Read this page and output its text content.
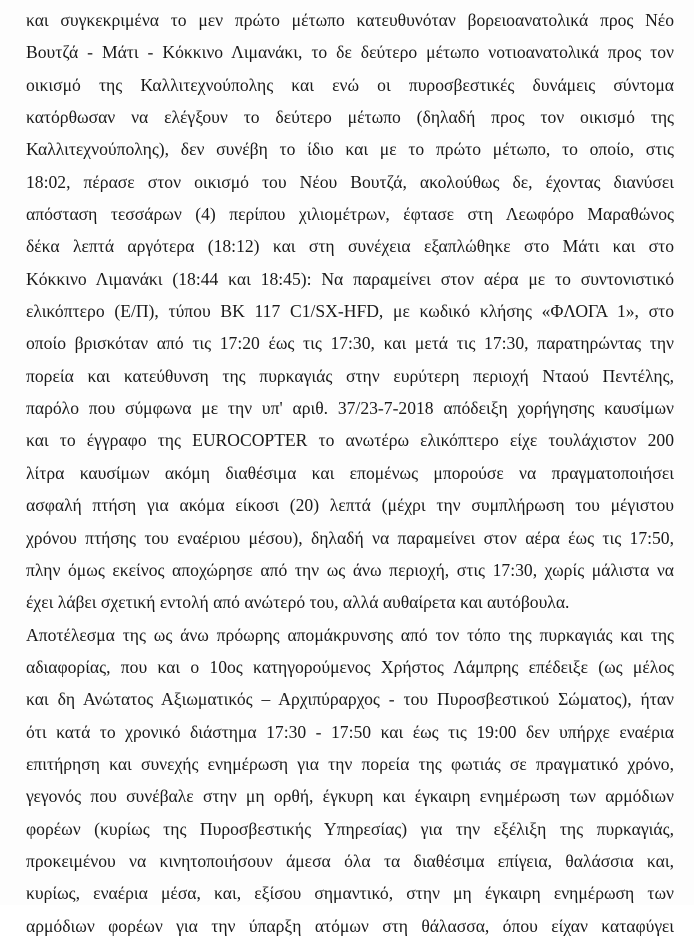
και συγκεκριμένα το μεν πρώτο μέτωπο κατευθυνόταν βορειοανατολικά προς Νέο
Βουτζά - Μάτι - Κόκκινο Λιμανάκι, το δε δεύτερο μέτωπο νοτιοανατολικά προς τον
οικισμό της Καλλιτεχνούπολης και ενώ οι πυροσβεστικές δυνάμεις σύντομα
κατόρθωσαν να ελέγξουν το δεύτερο μέτωπο (δηλαδή προς τον οικισμό της
Καλλιτεχνούπολης), δεν συνέβη το ίδιο και με το πρώτο μέτωπο, το οποίο, στις
18:02, πέρασε στον οικισμό του Νέου Βουτζά, ακολούθως δε, έχοντας διανύσει
απόσταση τεσσάρων (4) περίπου χιλιομέτρων, έφτασε στη Λεωφόρο Μαραθώνος
δέκα λεπτά αργότερα (18:12) και στη συνέχεια εξαπλώθηκε στο Μάτι και στο
Κόκκινο Λιμανάκι (18:44 και 18:45): Να παραμείνει στον αέρα με το συντονιστικό
ελικόπτερο (Ε/Π), τύπου ΒΚ 117 C1/SX-HFD, με κωδικό κλήσης «ΦΛΟΓΑ 1», στο
οποίο βρισκόταν από τις 17:20 έως τις 17:30, και μετά τις 17:30, παρατηρώντας την
πορεία και κατεύθυνση της πυρκαγιάς στην ευρύτερη περιοχή Νταού Πεντέλης,
παρόλο που σύμφωνα με την υπ' αριθ. 37/23-7-2018 απόδειξη χορήγησης καυσίμων
και το έγγραφο της EUROCOPTER το ανωτέρω ελικόπτερο είχε τουλάχιστον 200
λίτρα καυσίμων ακόμη διαθέσιμα και επομένως μπορούσε να πραγματοποιήσει
ασφαλή πτήση για ακόμα είκοσι (20) λεπτά (μέχρι την συμπλήρωση του μέγιστου
χρόνου πτήσης του εναέριου μέσου), δηλαδή να παραμείνει στον αέρα έως τις 17:50,
πλην όμως εκείνος αποχώρησε από την ως άνω περιοχή, στις 17:30, χωρίς μάλιστα να
έχει λάβει σχετική εντολή από ανώτερό του, αλλά αυθαίρετα και αυτόβουλα.
Αποτέλεσμα της ως άνω πρόωρης απομάκρυνσης από τον τόπο της πυρκαγιάς και της
αδιαφορίας, που και ο 10ος κατηγορούμενος Χρήστος Λάμπρης επέδειξε (ως μέλος
και δη Ανώτατος Αξιωματικός – Αρχιπύραρχος - του Πυροσβεστικού Σώματος), ήταν
ότι κατά το χρονικό διάστημα 17:30 - 17:50 και έως τις 19:00 δεν υπήρχε εναέρια
επιτήρηση και συνεχής ενημέρωση για την πορεία της φωτιάς σε πραγματικό χρόνο,
γεγονός που συνέβαλε στην μη ορθή, έγκυρη και έγκαιρη ενημέρωση των αρμόδιων
φορέων (κυρίως της Πυροσβεστικής Υπηρεσίας) για την εξέλιξη της πυρκαγιάς,
προκειμένου να κινητοποιήσουν άμεσα όλα τα διαθέσιμα επίγεια, θαλάσσια και,
κυρίως, εναέρια μέσα, και, εξίσου σημαντικό, στην μη έγκαιρη ενημέρωση των
αρμόδιων φορέων για την ύπαρξη ατόμων στη θάλασσα, όπου είχαν καταφύγει
